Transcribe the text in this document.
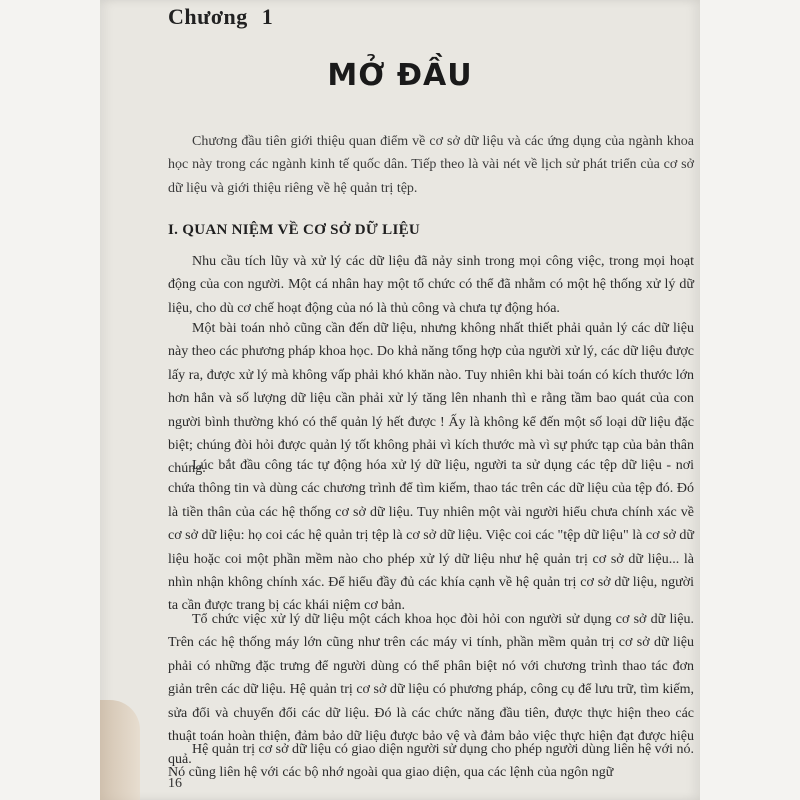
Chương 1
MỞ ĐẦU

Chương đầu tiên giới thiệu quan điểm về cơ sở dữ liệu và các ứng dụng của ngành khoa học này trong các ngành kinh tế quốc dân. Tiếp theo là vài nét về lịch sử phát triển của cơ sở dữ liệu và giới thiệu riêng về hệ quản trị tệp.

I. QUAN NIỆM VỀ CƠ SỞ DỮ LIỆU

Nhu cầu tích lũy và xử lý các dữ liệu đã nảy sinh trong mọi công việc, trong mọi hoạt động của con người. Một cá nhân hay một tổ chức có thể đã nhằm có một hệ thống xử lý dữ liệu, cho dù cơ chế hoạt động của nó là thủ công và chưa tự động hóa.

Một bài toán nhỏ cũng cần đến dữ liệu, nhưng không nhất thiết phải quản lý các dữ liệu này theo các phương pháp khoa học. Do khả năng tổng hợp của người xử lý, các dữ liệu được lấy ra, được xử lý mà không vấp phải khó khăn nào. Tuy nhiên khi bài toán có kích thước lớn hơn hẳn và số lượng dữ liệu cần phải xử lý tăng lên nhanh thì e rằng tầm bao quát của con người bình thường khó có thể quản lý hết được ! Ấy là không kể đến một số loại dữ liệu đặc biệt; chúng đòi hỏi được quản lý tốt không phải vì kích thước mà vì sự phức tạp của bản thân chúng.

Lúc bắt đầu công tác tự động hóa xử lý dữ liệu, người ta sử dụng các tệp dữ liệu - nơi chứa thông tin và dùng các chương trình để tìm kiếm, thao tác trên các dữ liệu của tệp đó. Đó là tiền thân của các hệ thống cơ sở dữ liệu. Tuy nhiên một vài người hiểu chưa chính xác về cơ sở dữ liệu: họ coi các hệ quản trị tệp là cơ sở dữ liệu. Việc coi các "tệp dữ liệu" là cơ sở dữ liệu hoặc coi một phần mềm nào cho phép xử lý dữ liệu như hệ quản trị cơ sở dữ liệu... là nhìn nhận không chính xác. Để hiểu đầy đủ các khía cạnh về hệ quản trị cơ sở dữ liệu, người ta cần được trang bị các khái niệm cơ bản.

Tổ chức việc xử lý dữ liệu một cách khoa học đòi hỏi con người sử dụng cơ sở dữ liệu. Trên các hệ thống máy lớn cũng như trên các máy vi tính, phần mềm quản trị cơ sở dữ liệu phải có những đặc trưng để người dùng có thể phân biệt nó với chương trình thao tác đơn giản trên các dữ liệu. Hệ quản trị cơ sở dữ liệu có phương pháp, công cụ để lưu trữ, tìm kiếm, sửa đổi và chuyển đổi các dữ liệu. Đó là các chức năng đầu tiên, được thực hiện theo các thuật toán hoàn thiện, đảm bảo dữ liệu được bảo vệ và đảm bảo việc thực hiện đạt được hiệu quả.

Hệ quản trị cơ sở dữ liệu có giao diện người sử dụng cho phép người dùng liên hệ với nó. Nó cũng liên hệ với các bộ nhớ ngoài qua giao diện, qua các lệnh của ngôn ngữ

16
